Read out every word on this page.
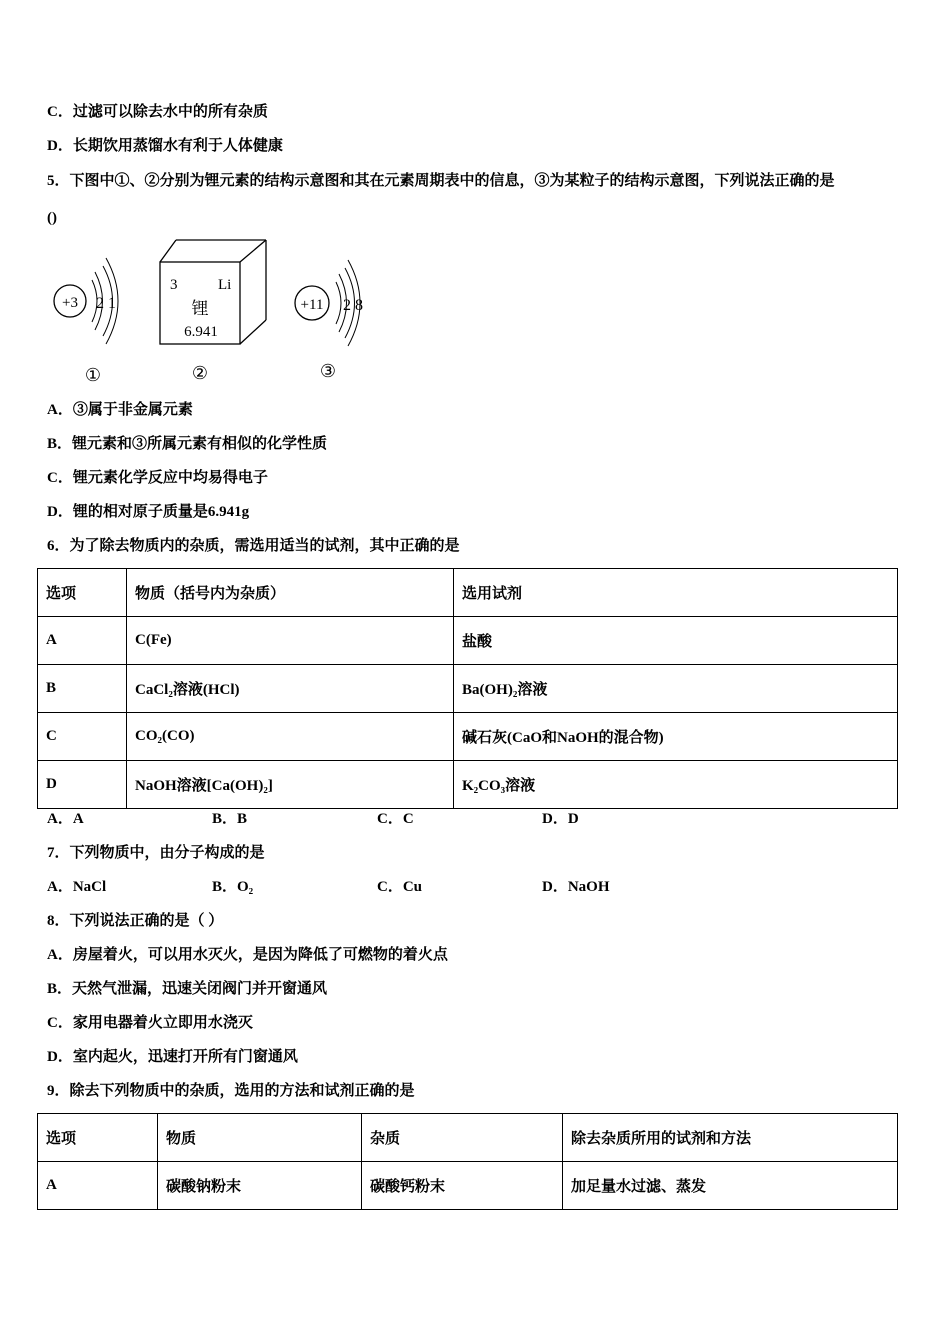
C．过滤可以除去水中的所有杂质
D．长期饮用蒸馏水有利于人体健康
5．下图中①、②分别为锂元素的结构示意图和其在元素周期表中的信息，③为某粒子的结构示意图，下列说法正确的是
()
+3 2 1
①
3	Li
锂
6.941
②
+11 2 8
③
A．③属于非金属元素
B．锂元素和③所属元素有相似的化学性质
C．锂元素化学反应中均易得电子
D．锂的相对原子质量是6.941g
6．为了除去物质内的杂质，需选用适当的试剂，其中正确的是
选项	物质（括号内为杂质）	选用试剂
A	C(Fe)	盐酸
B	CaCl₂溶液(HCl)	Ba(OH)₂溶液
C	CO₂(CO)	碱石灰(CaO和NaOH的混合物)
D	NaOH溶液[Ca(OH)₂]	K₂CO₃溶液
A．A	B．B	C．C	D．D
7．下列物质中，由分子构成的是
A．NaCl	B．O₂	C．Cu	D．NaOH
8．下列说法正确的是（ ）
A．房屋着火，可以用水灭火，是因为降低了可燃物的着火点
B．天然气泄漏，迅速关闭阀门并开窗通风
C．家用电器着火立即用水浇灭
D．室内起火，迅速打开所有门窗通风
9．除去下列物质中的杂质，选用的方法和试剂正确的是
选项	物质	杂质	除去杂质所用的试剂和方法
A	碳酸钠粉末	碳酸钙粉末	加足量水过滤、蒸发
